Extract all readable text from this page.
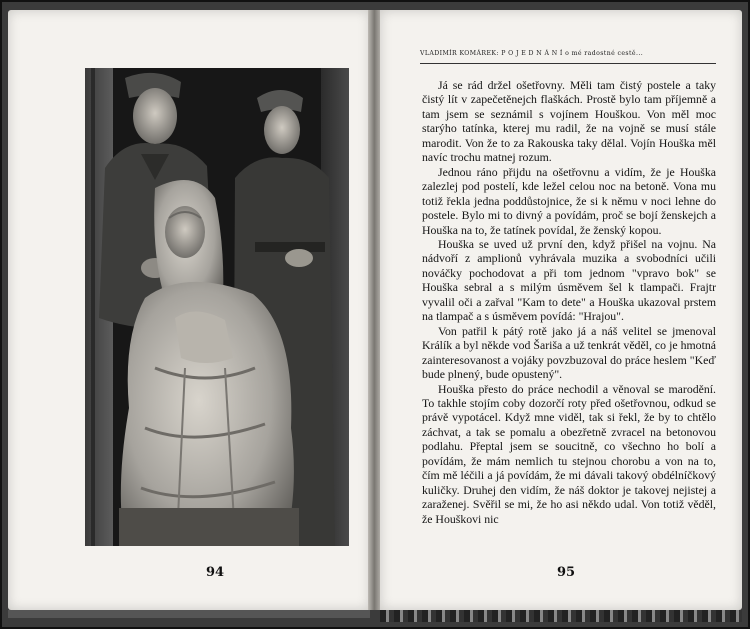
94
VLADIMÍR KOMÁREK: P O J E D N Á N Í o mé radostné cestě...

Já se rád držel ošetřovny. Měli tam čistý postele a taky čistý lít v zapečetěnejch flaškách. Prostě bylo tam příjemně a tam jsem se seznámil s vojínem Houškou. Von měl moc starýho tatínka, kterej mu radil, že na vojně se musí stále marodit. Von že to za Rakouska taky dělal. Vojín Houška měl navíc trochu matnej rozum.

Jednou ráno přijdu na ošetřovnu a vidím, že je Houška zalezlej pod postelí, kde ležel celou noc na betoně. Vona mu totiž řekla jedna poddůstojnice, že si k němu v noci lehne do postele. Bylo mi to divný a povídám, proč se bojí ženskejch a Houška na to, že tatínek povídal, že ženský kopou.

Houška se uved už první den, když přišel na vojnu. Na nádvoří z amplionů vyhrávala muzika a svobodníci učili nováčky pochodovat a při tom jednom "vpravo bok" se Houška sebral a s milým úsměvem šel k tlampači. Frajtr vyvalil oči a zařval "Kam to dete" a Houška ukazoval prstem na tlampač a s úsměvem povídá: "Hrajou".

Von patřil k pátý rotě jako já a náš velitel se jmenoval Králík a byl někde vod Šariša a už tenkrát věděl, co je hmotná zainteresovanost a vojáky povzbuzoval do práce heslem "Keď bude plnený, bude opustený".

Houška přesto do práce nechodil a věnoval se marodění. To takhle stojím coby dozorčí roty před ošetřovnou, odkud se právě vypotácel. Když mne viděl, tak si řekl, že by to chtělo záchvat, a tak se pomalu a obezřetně zvracel na betonovou podlahu. Přeptal jsem se soucitně, co všechno ho bolí a povídám, že mám nemlich tu stejnou chorobu a von na to, čím mě léčili a já povídám, že mi dávali takový obdélníčkový kuličky. Druhej den vidím, že náš doktor je takovej nejistej a zaraženej. Svěřil se mi, že ho asi někdo udal. Von totiž věděl, že Houškovi nic

95
